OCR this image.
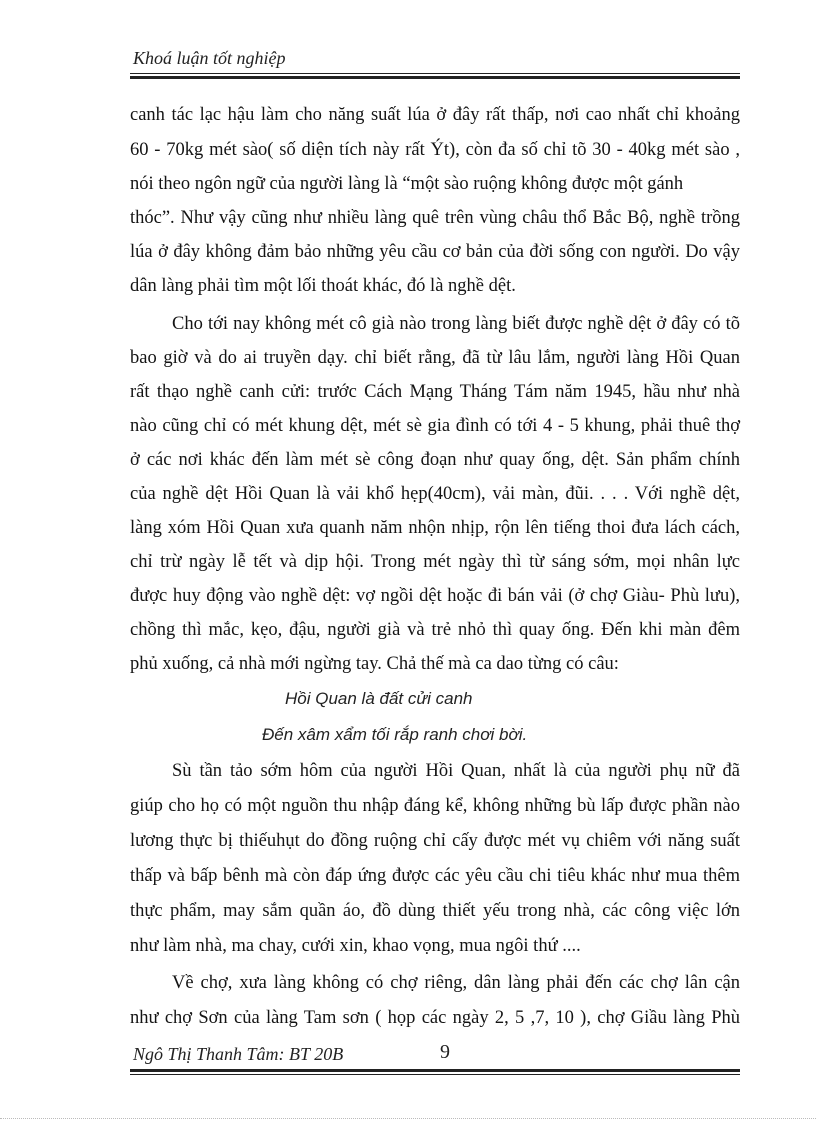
Khoá luận tốt nghiệp
canh tác lạc hậu làm cho năng suất lúa ở đây rất thấp, nơi cao nhất chỉ khoảng
60 - 70kg mét sào( số diện tích này rất Ýt), còn đa số chỉ tõ 30 - 40kg mét sào ,
nói theo ngôn ngữ của người làng là “một sào ruộng không được một gánh
thóc”. Như vậy cũng như nhiều làng quê trên vùng châu thổ Bắc Bộ, nghề trồng
lúa ở đây không đảm bảo những yêu cầu cơ bản của đời sống con người. Do vậy
dân làng phải tìm một lối thoát khác, đó là nghề dệt.
Cho tới nay không mét cô già nào trong làng biết được nghề dệt ở đây có tõ
bao giờ và do ai truyền dạy. chỉ biết rằng, đã từ lâu lắm, người làng Hồi Quan
rất thạo nghề canh cửi: trước Cách Mạng Tháng Tám năm 1945, hầu như nhà
nào cũng chỉ có mét khung dệt, mét sè gia đình có tới 4 - 5 khung, phải thuê thợ
ở các nơi khác đến làm mét sè công đoạn như quay ống, dệt. Sản phẩm chính
của nghề dệt Hồi Quan là vải khổ hẹp(40cm), vải màn, đũi. . . . Với nghề dệt,
làng xóm Hồi Quan xưa quanh năm nhộn nhịp, rộn lên tiếng thoi đưa lách cách,
chỉ trừ ngày lễ tết và dịp hội. Trong mét ngày thì từ sáng sớm, mọi nhân lực
được huy động vào nghề dệt: vợ ngồi dệt hoặc đi bán vải (ở chợ Giàu- Phù lưu),
chồng thì mắc, kẹo, đậu, người già và trẻ nhỏ thì quay ống. Đến khi màn đêm
phủ xuống, cả nhà mới ngừng tay. Chả thế mà ca dao từng có câu:
Hồi Quan là đất cửi canh
Đến xâm xẩm tối rắp ranh chơi bời.
Sù tần tảo sớm hôm của người Hồi Quan, nhất là của người phụ nữ đã
giúp cho họ có một nguồn thu nhập đáng kể, không những bù lấp được phần nào
lương thực bị thiếuhụt do đồng ruộng chỉ cấy được mét vụ chiêm với năng suất
thấp và bấp bênh mà còn đáp ứng được các yêu cầu chi tiêu khác như mua thêm
thực phẩm, may sắm quần áo, đồ dùng thiết yếu trong nhà, các công việc lớn
như làm nhà, ma chay, cưới xin, khao vọng, mua ngôi thứ ....
Về chợ, xưa làng không có chợ riêng, dân làng phải đến các chợ lân cận
như chợ Sơn của làng Tam sơn ( họp các ngày 2, 5 ,7, 10 ), chợ Giầu làng Phù
Ngô Thị Thanh Tâm: BT 20B	9
